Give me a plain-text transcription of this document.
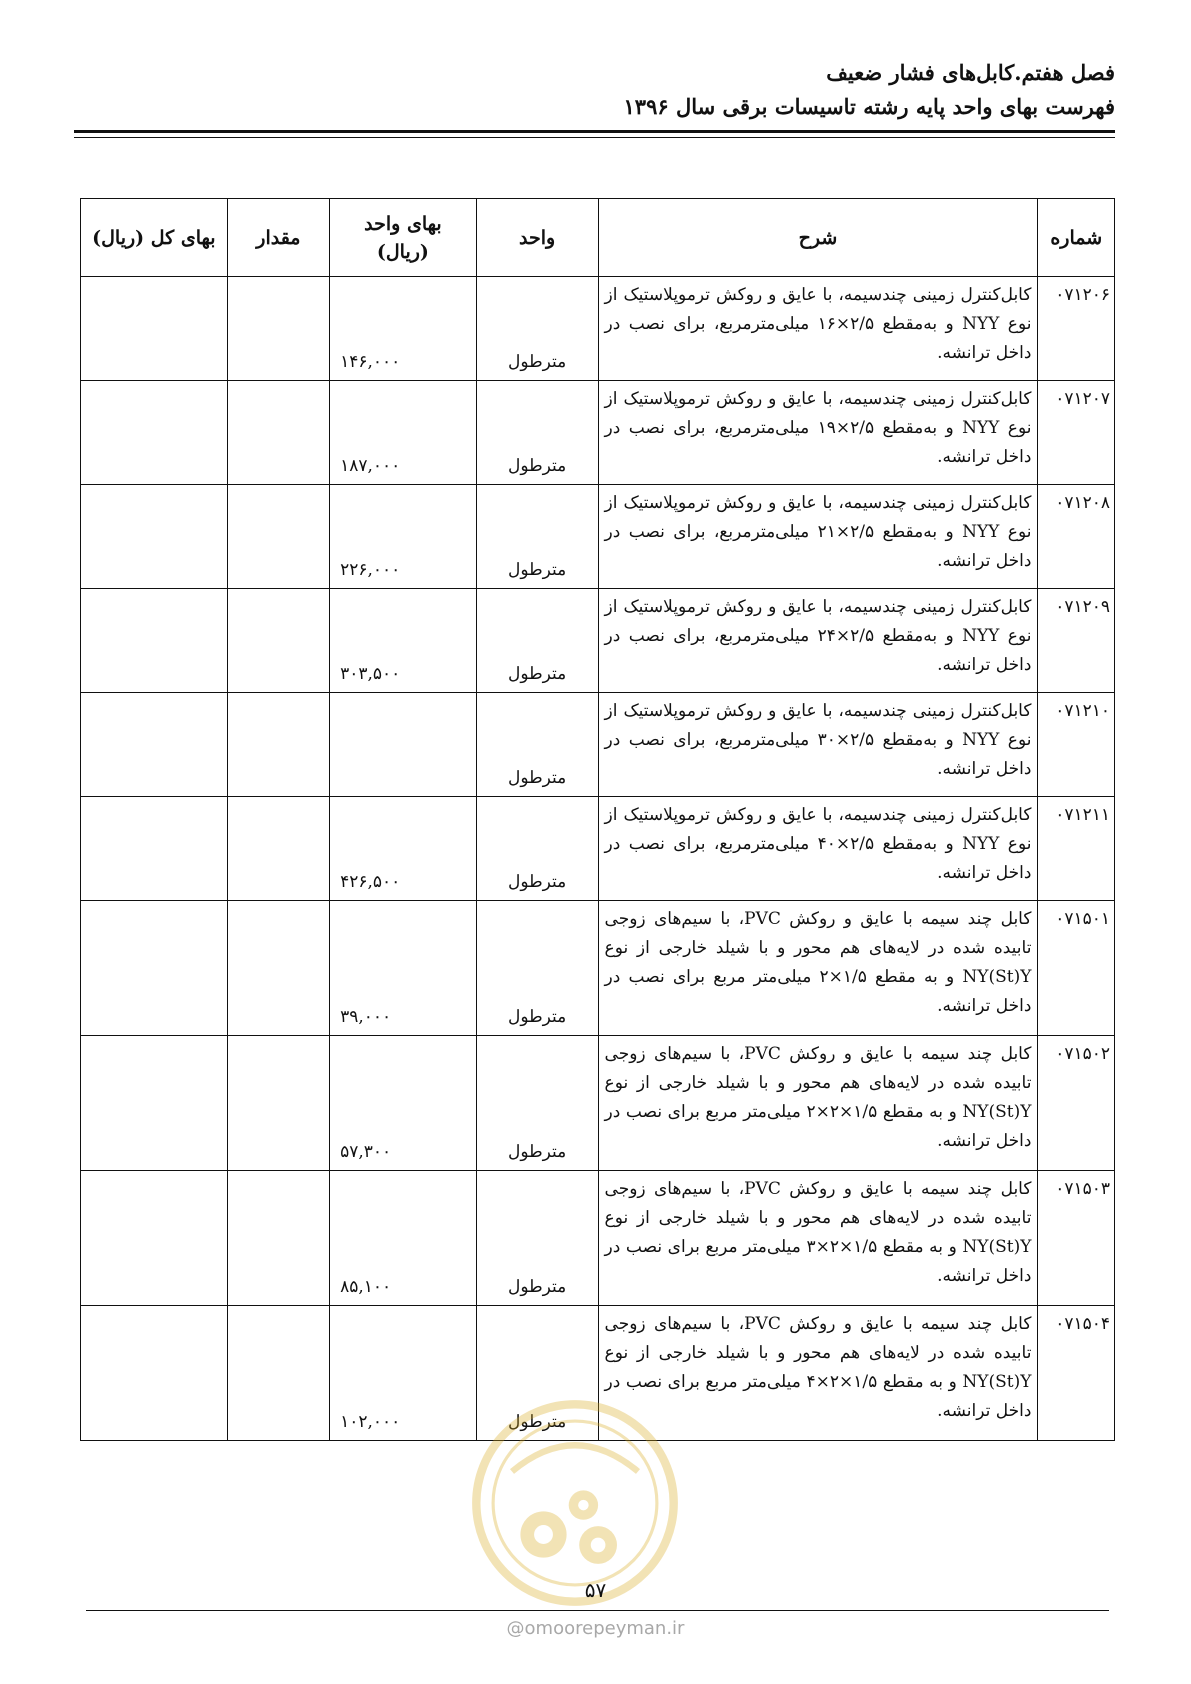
فصل هفتم.کابل‌های فشار ضعیف
فهرست بهای واحد پایه رشته تاسیسات برقی سال ۱۳۹۶
شماره	شرح	واحد	بهای واحد (ریال)	مقدار	بهای کل (ریال)
۰۷۱۲۰۶	کابل‌کنترل زمینی چندسیمه، با عایق و روکش ترموپلاستیک از نوع NYY و به‌مقطع ۲/۵×۱۶ میلی‌مترمربع، برای نصب در داخل ترانشه.	مترطول	۱۴۶,۰۰۰		
۰۷۱۲۰۷	کابل‌کنترل زمینی چندسیمه، با عایق و روکش ترموپلاستیک از نوع NYY و به‌مقطع ۲/۵×۱۹ میلی‌مترمربع، برای نصب در داخل ترانشه.	مترطول	۱۸۷,۰۰۰		
۰۷۱۲۰۸	کابل‌کنترل زمینی چندسیمه، با عایق و روکش ترموپلاستیک از نوع NYY و به‌مقطع ۲/۵×۲۱ میلی‌مترمربع، برای نصب در داخل ترانشه.	مترطول	۲۲۶,۰۰۰		
۰۷۱۲۰۹	کابل‌کنترل زمینی چندسیمه، با عایق و روکش ترموپلاستیک از نوع NYY و به‌مقطع ۲/۵×۲۴ میلی‌مترمربع، برای نصب در داخل ترانشه.	مترطول	۳۰۳,۵۰۰		
۰۷۱۲۱۰	کابل‌کنترل زمینی چندسیمه، با عایق و روکش ترموپلاستیک از نوع NYY و به‌مقطع ۲/۵×۳۰ میلی‌مترمربع، برای نصب در داخل ترانشه.	مترطول			
۰۷۱۲۱۱	کابل‌کنترل زمینی چندسیمه، با عایق و روکش ترموپلاستیک از نوع NYY و به‌مقطع ۲/۵×۴۰ میلی‌مترمربع، برای نصب در داخل ترانشه.	مترطول	۴۲۶,۵۰۰		
۰۷۱۵۰۱	کابل چند سیمه با عایق و روکش PVC، با سیم‌های زوجی تابیده شده در لایه‌های هم محور و با شیلد خارجی از نوع NY(St)Y و به مقطع ۱/۵×۲ میلی‌متر مربع برای نصب در داخل ترانشه.	مترطول	۳۹,۰۰۰		
۰۷۱۵۰۲	کابل چند سیمه با عایق و روکش PVC، با سیم‌های زوجی تابیده شده در لایه‌های هم محور و با شیلد خارجی از نوع NY(St)Y و به مقطع ۱/۵×۲×۲ میلی‌متر مربع برای نصب در داخل ترانشه.	مترطول	۵۷,۳۰۰		
۰۷۱۵۰۳	کابل چند سیمه با عایق و روکش PVC، با سیم‌های زوجی تابیده شده در لایه‌های هم محور و با شیلد خارجی از نوع NY(St)Y و به مقطع ۱/۵×۲×۳ میلی‌متر مربع برای نصب در داخل ترانشه.	مترطول	۸۵,۱۰۰		
۰۷۱۵۰۴	کابل چند سیمه با عایق و روکش PVC، با سیم‌های زوجی تابیده شده در لایه‌های هم محور و با شیلد خارجی از نوع NY(St)Y و به مقطع ۱/۵×۲×۴ میلی‌متر مربع برای نصب در داخل ترانشه.	مترطول	۱۰۲,۰۰۰		
۵۷
@omoorepeyman.ir
